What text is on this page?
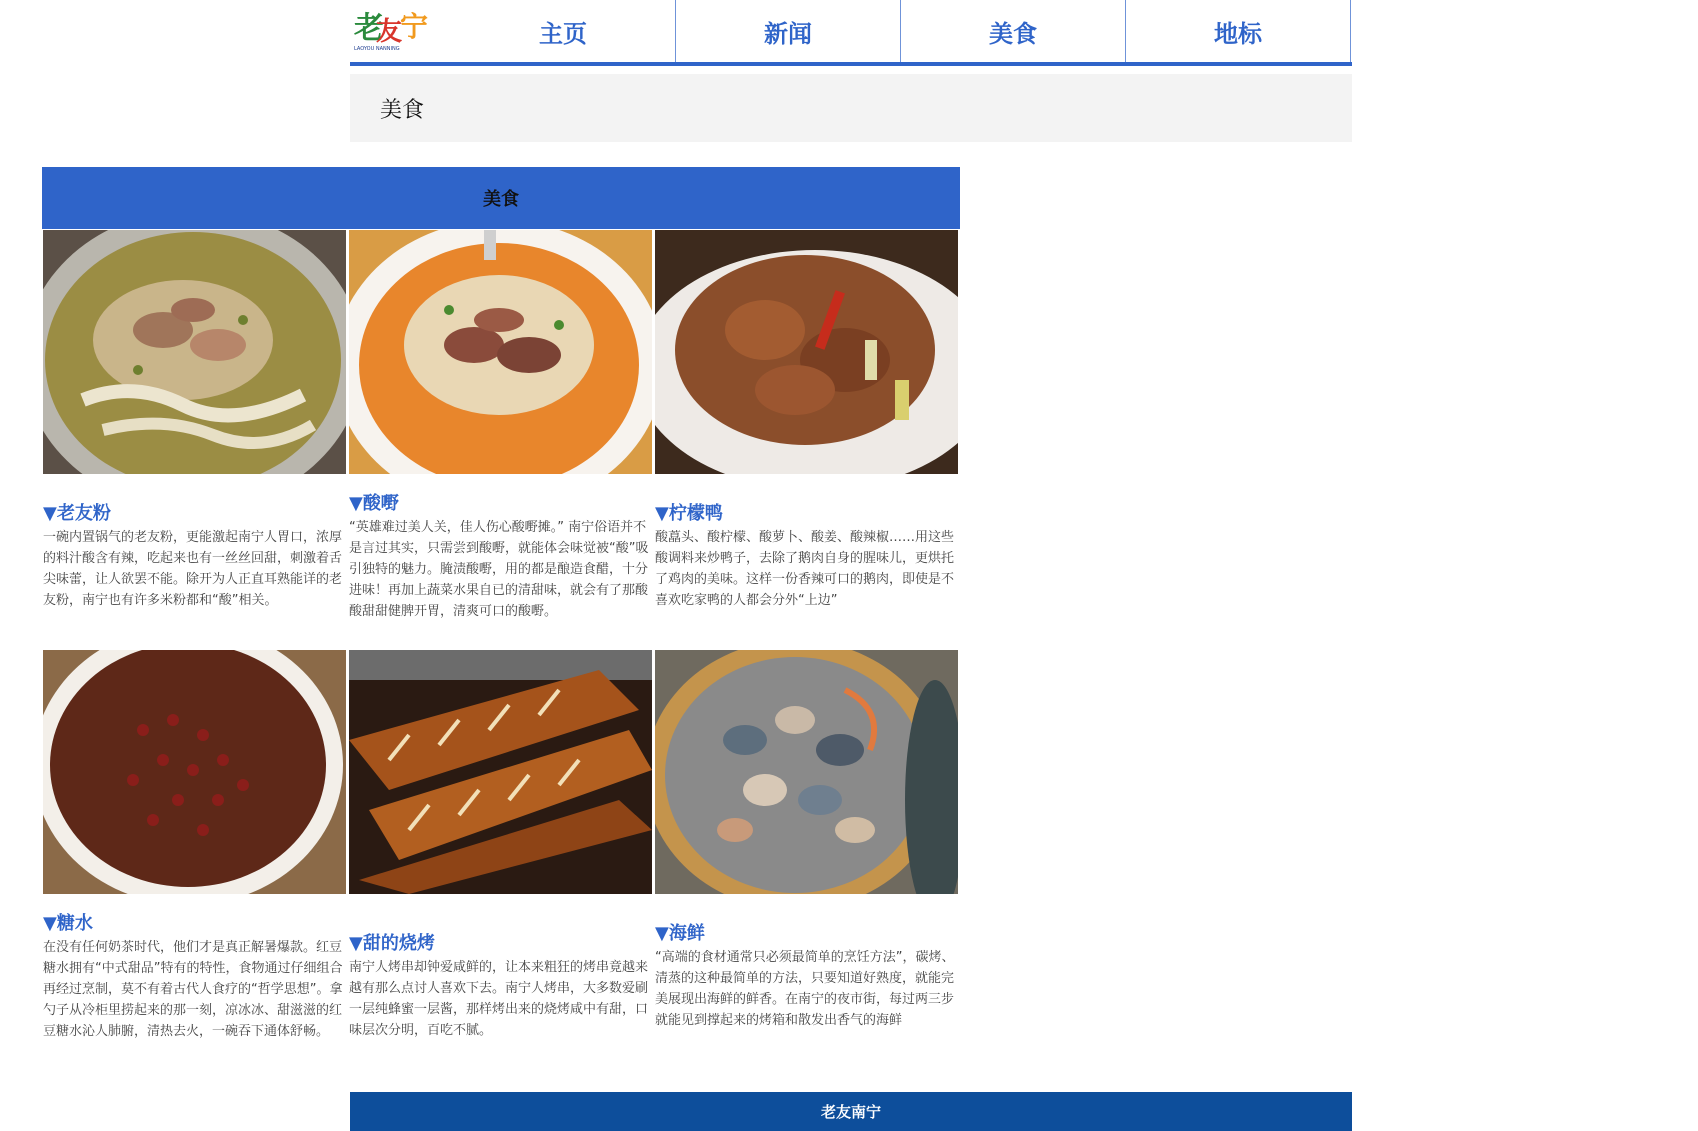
老
友
宁
LAOYOU NANNING
主页	新闻	美食	地标
美食
美食
▼老友粉
一碗内置锅气的老友粉，更能激起南宁人胃口，浓厚的料汁酸含有辣，吃起来也有一丝丝回甜，刺激着舌尖味蕾，让人欲罢不能。除开为人正直耳熟能详的老友粉，南宁也有许多米粉都和“酸”相关。
▼酸嘢
“英雄难过美人关，佳人伤心酸嘢摊。” 南宁俗语并不是言过其实，只需尝到酸嘢，就能体会味觉被“酸”吸引独特的魅力。腌渍酸嘢，用的都是酿造食醋，十分进味！再加上蔬菜水果自已的清甜味，就会有了那酸酸甜甜健脾开胃，清爽可口的酸嘢。
▼柠檬鸭
酸藠头、酸柠檬、酸萝卜、酸姜、酸辣椒……用这些酸调料来炒鸭子，去除了鹅肉自身的腥味儿，更烘托了鸡肉的美味。这样一份香辣可口的鹅肉，即使是不喜欢吃家鸭的人都会分外“上边”
▼糖水
在没有任何奶茶时代，他们才是真正解暑爆款。红豆糖水拥有“中式甜品”特有的特性，食物通过仔细组合再经过烹制，莫不有着古代人食疗的“哲学思想”。拿勺子从冷柜里捞起来的那一刻，凉冰冰、甜滋滋的红豆糖水沁人肺腑，清热去火，一碗吞下通体舒畅。
▼甜的烧烤
南宁人烤串却钟爱咸鲜的，让本来粗狂的烤串竟越来越有那么点讨人喜欢下去。南宁人烤串，大多数爱刷一层纯蜂蜜一层酱，那样烤出来的烧烤咸中有甜，口味层次分明，百吃不腻。
▼海鲜
“高端的食材通常只必须最简单的烹饪方法”，碳烤、清蒸的这种最简单的方法，只要知道好熟度，就能完美展现出海鲜的鲜香。在南宁的夜市街，每过两三步就能见到撑起来的烤箱和散发出香气的海鲜
老友南宁
